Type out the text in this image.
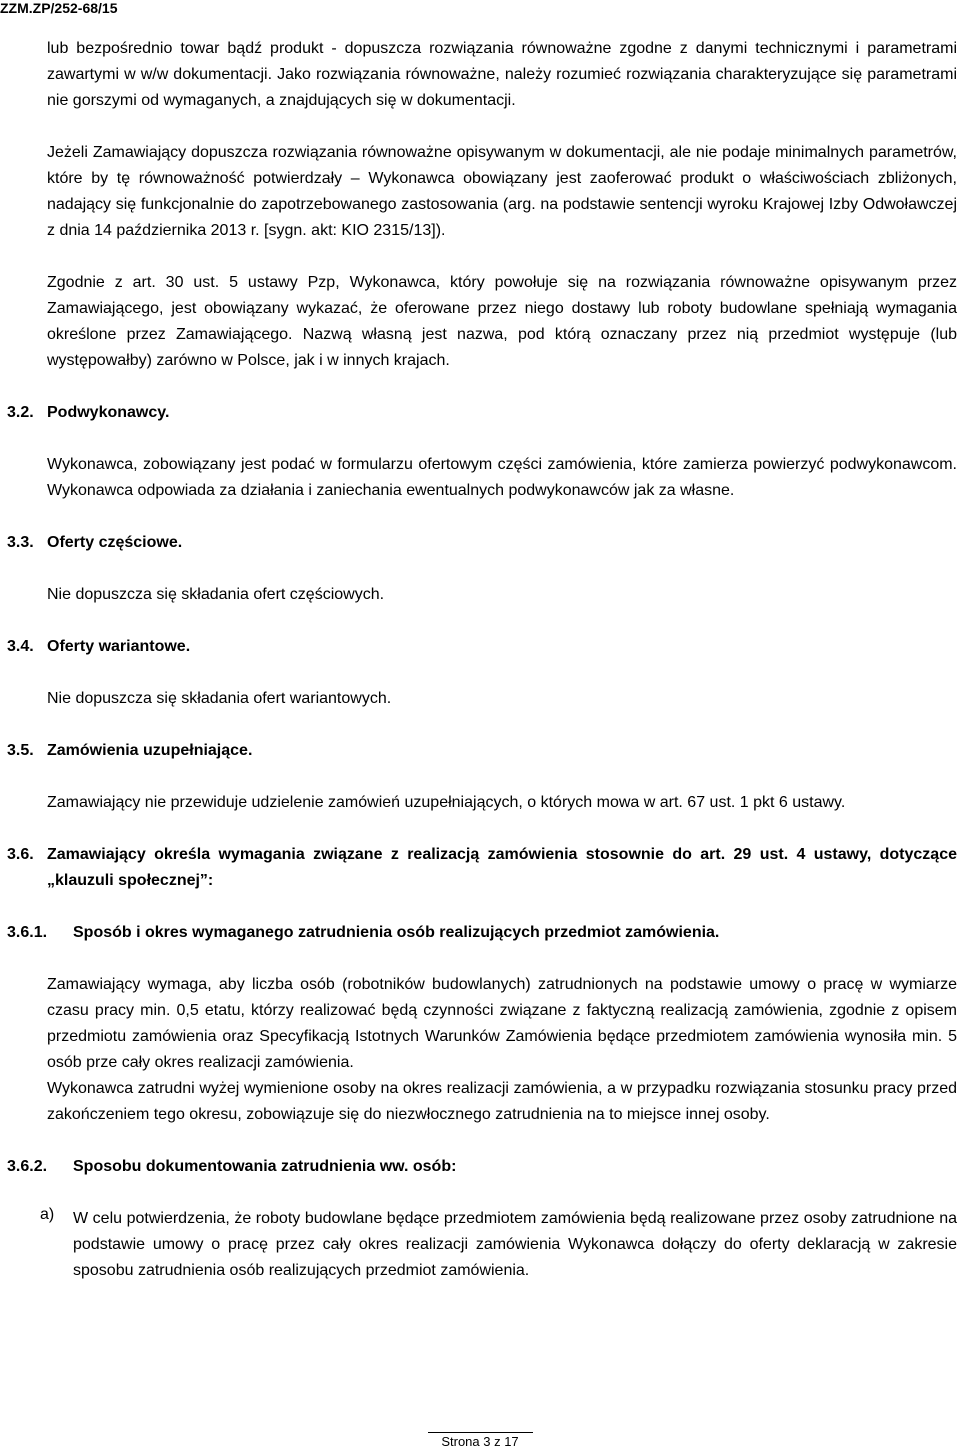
ZZM.ZP/252-68/15

lub bezpośrednio towar bądź produkt - dopuszcza rozwiązania równoważne zgodne z danymi technicznymi i parametrami zawartymi w w/w dokumentacji. Jako rozwiązania równoważne, należy rozumieć rozwiązania charakteryzujące się parametrami nie gorszymi od wymaganych, a znajdujących się w dokumentacji.

Jeżeli Zamawiający dopuszcza rozwiązania równoważne opisywanym w dokumentacji, ale nie podaje minimalnych parametrów, które by tę równoważność potwierdzały – Wykonawca obowiązany jest zaoferować produkt o właściwościach zbliżonych, nadający się funkcjonalnie do zapotrzebowanego zastosowania (arg. na podstawie sentencji wyroku Krajowej Izby Odwoławczej z dnia 14 października 2013 r. [sygn. akt: KIO 2315/13]).

Zgodnie z art. 30 ust. 5 ustawy Pzp, Wykonawca, który powołuje się na rozwiązania równoważne opisywanym przez Zamawiającego, jest obowiązany wykazać, że oferowane przez niego dostawy lub roboty budowlane spełniają wymagania określone przez Zamawiającego. Nazwą własną jest nazwa, pod którą oznaczany przez nią przedmiot występuje (lub występowałby) zarówno w Polsce, jak i w innych krajach.

3.2. Podwykonawcy.

Wykonawca, zobowiązany jest podać w formularzu ofertowym części zamówienia, które zamierza powierzyć podwykonawcom. Wykonawca odpowiada za działania i zaniechania ewentualnych podwykonawców jak za własne.

3.3. Oferty częściowe.

Nie dopuszcza się składania ofert częściowych.

3.4. Oferty wariantowe.

Nie dopuszcza się składania ofert wariantowych.

3.5. Zamówienia uzupełniające.

Zamawiający nie przewiduje udzielenie zamówień uzupełniających, o których mowa w art. 67 ust. 1 pkt 6 ustawy.

3.6. Zamawiający określa wymagania związane z realizacją zamówienia stosownie do art. 29 ust. 4 ustawy, dotyczące „klauzuli społecznej”:
3.6.1. Sposób i okres wymaganego zatrudnienia osób realizujących przedmiot zamówienia.

Zamawiający wymaga, aby liczba osób (robotników budowlanych) zatrudnionych na podstawie umowy o pracę w wymiarze czasu pracy min. 0,5 etatu, którzy realizować będą czynności związane z faktyczną realizacją zamówienia, zgodnie z opisem przedmiotu zamówienia oraz Specyfikacją Istotnych Warunków Zamówienia będące przedmiotem zamówienia wynosiła min. 5 osób prze cały okres realizacji zamówienia.

Wykonawca zatrudni wyżej wymienione osoby na okres realizacji zamówienia, a w przypadku rozwiązania stosunku pracy przed zakończeniem tego okresu, zobowiązuje się do niezwłocznego zatrudnienia na to miejsce innej osoby.

3.6.2. Sposobu dokumentowania zatrudnienia ww. osób:
a) W celu potwierdzenia, że roboty budowlane będące przedmiotem zamówienia będą realizowane przez osoby zatrudnione na podstawie umowy o pracę przez cały okres realizacji zamówienia Wykonawca dołączy do oferty deklaracją w zakresie sposobu zatrudnienia osób realizujących przedmiot zamówienia.

Strona 3 z 17
